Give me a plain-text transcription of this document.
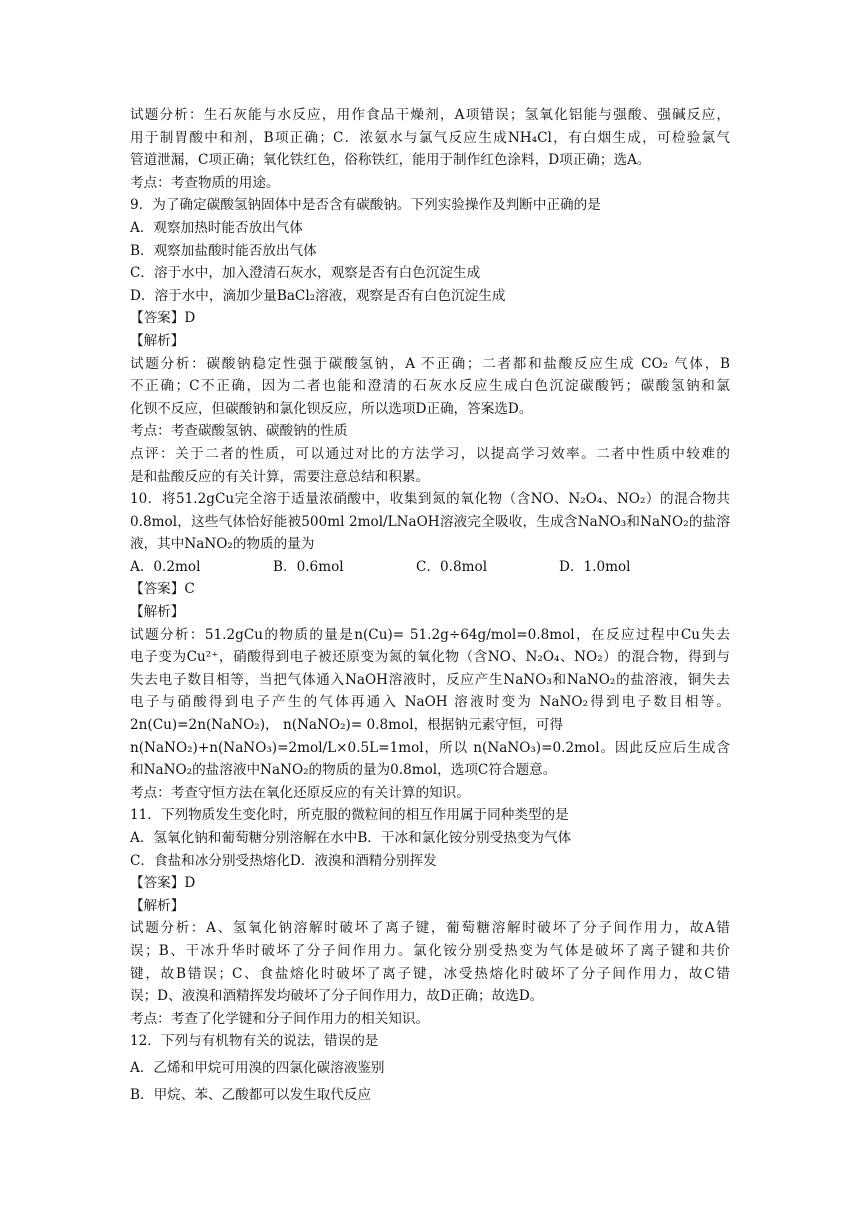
试题分析：生石灰能与水反应，用作食品干燥剂，A项错误；氢氧化铝能与强酸、强碱反应，
用于制胃酸中和剂，B项正确；C．浓氨水与氯气反应生成NH₄Cl，有白烟生成，可检验氯气
管道泄漏，C项正确；氧化铁红色，俗称铁红，能用于制作红色涂料，D项正确；选A。
考点：考查物质的用途。
9．为了确定碳酸氢钠固体中是否含有碳酸钠。下列实验操作及判断中正确的是
A．观察加热时能否放出气体
B．观察加盐酸时能否放出气体
C．溶于水中，加入澄清石灰水，观察是否有白色沉淀生成
D．溶于水中，滴加少量BaCl₂溶液，观察是否有白色沉淀生成
【答案】D
【解析】
试题分析：碳酸钠稳定性强于碳酸氢钠，A 不正确；二者都和盐酸反应生成 CO₂ 气体，B
不正确；C不正确，因为二者也能和澄清的石灰水反应生成白色沉淀碳酸钙；碳酸氢钠和氯
化钡不反应，但碳酸钠和氯化钡反应，所以选项D正确，答案选D。
考点：考查碳酸氢钠、碳酸钠的性质
点评：关于二者的性质，可以通过对比的方法学习，以提高学习效率。二者中性质中较难的
是和盐酸反应的有关计算，需要注意总结和积累。
10．将51.2gCu完全溶于适量浓硝酸中，收集到氮的氧化物（含NO、N₂O₄、NO₂）的混合物共
0.8mol，这些气体恰好能被500ml 2mol/LNaOH溶液完全吸收，生成含NaNO₃和NaNO₂的盐溶
液，其中NaNO₂的物质的量为
A．0.2mol	B．0.6mol	C．0.8mol	D．1.0mol
【答案】C
【解析】
试题分析：51.2gCu的物质的量是n(Cu)= 51.2g÷64g/mol=0.8mol，在反应过程中Cu失去
电子变为Cu²⁺，硝酸得到电子被还原变为氮的氧化物（含NO、N₂O₄、NO₂）的混合物，得到与
失去电子数目相等，当把气体通入NaOH溶液时，反应产生NaNO₃和NaNO₂的盐溶液，铜失去
电子与硝酸得到电子产生的气体再通入 NaOH 溶液时变为 NaNO₂得到电子数目相等。
2n(Cu)=2n(NaNO₂)， n(NaNO₂)= 0.8mol，根据钠元素守恒，可得
n(NaNO₂)+n(NaNO₃)=2mol/L×0.5L=1mol，所以 n(NaNO₃)=0.2mol。因此反应后生成含
和NaNO₂的盐溶液中NaNO₂的物质的量为0.8mol，选项C符合题意。
考点：考查守恒方法在氧化还原反应的有关计算的知识。
11．下列物质发生变化时，所克服的微粒间的相互作用属于同种类型的是
A．氢氧化钠和葡萄糖分别溶解在水中B．干冰和氯化铵分别受热变为气体
C．食盐和冰分别受热熔化D．液溴和酒精分别挥发
【答案】D
【解析】
试题分析：A、氢氧化钠溶解时破坏了离子键，葡萄糖溶解时破坏了分子间作用力，故A错
误；B、干冰升华时破坏了分子间作用力。氯化铵分别受热变为气体是破坏了离子键和共价
键，故B错误；C、食盐熔化时破坏了离子键，冰受热熔化时破坏了分子间作用力，故C错
误；D、液溴和酒精挥发均破坏了分子间作用力，故D正确；故选D。
考点：考查了化学键和分子间作用力的相关知识。
12．下列与有机物有关的说法，错误的是
A．乙烯和甲烷可用溴的四氯化碳溶液鉴别
B．甲烷、苯、乙酸都可以发生取代反应
